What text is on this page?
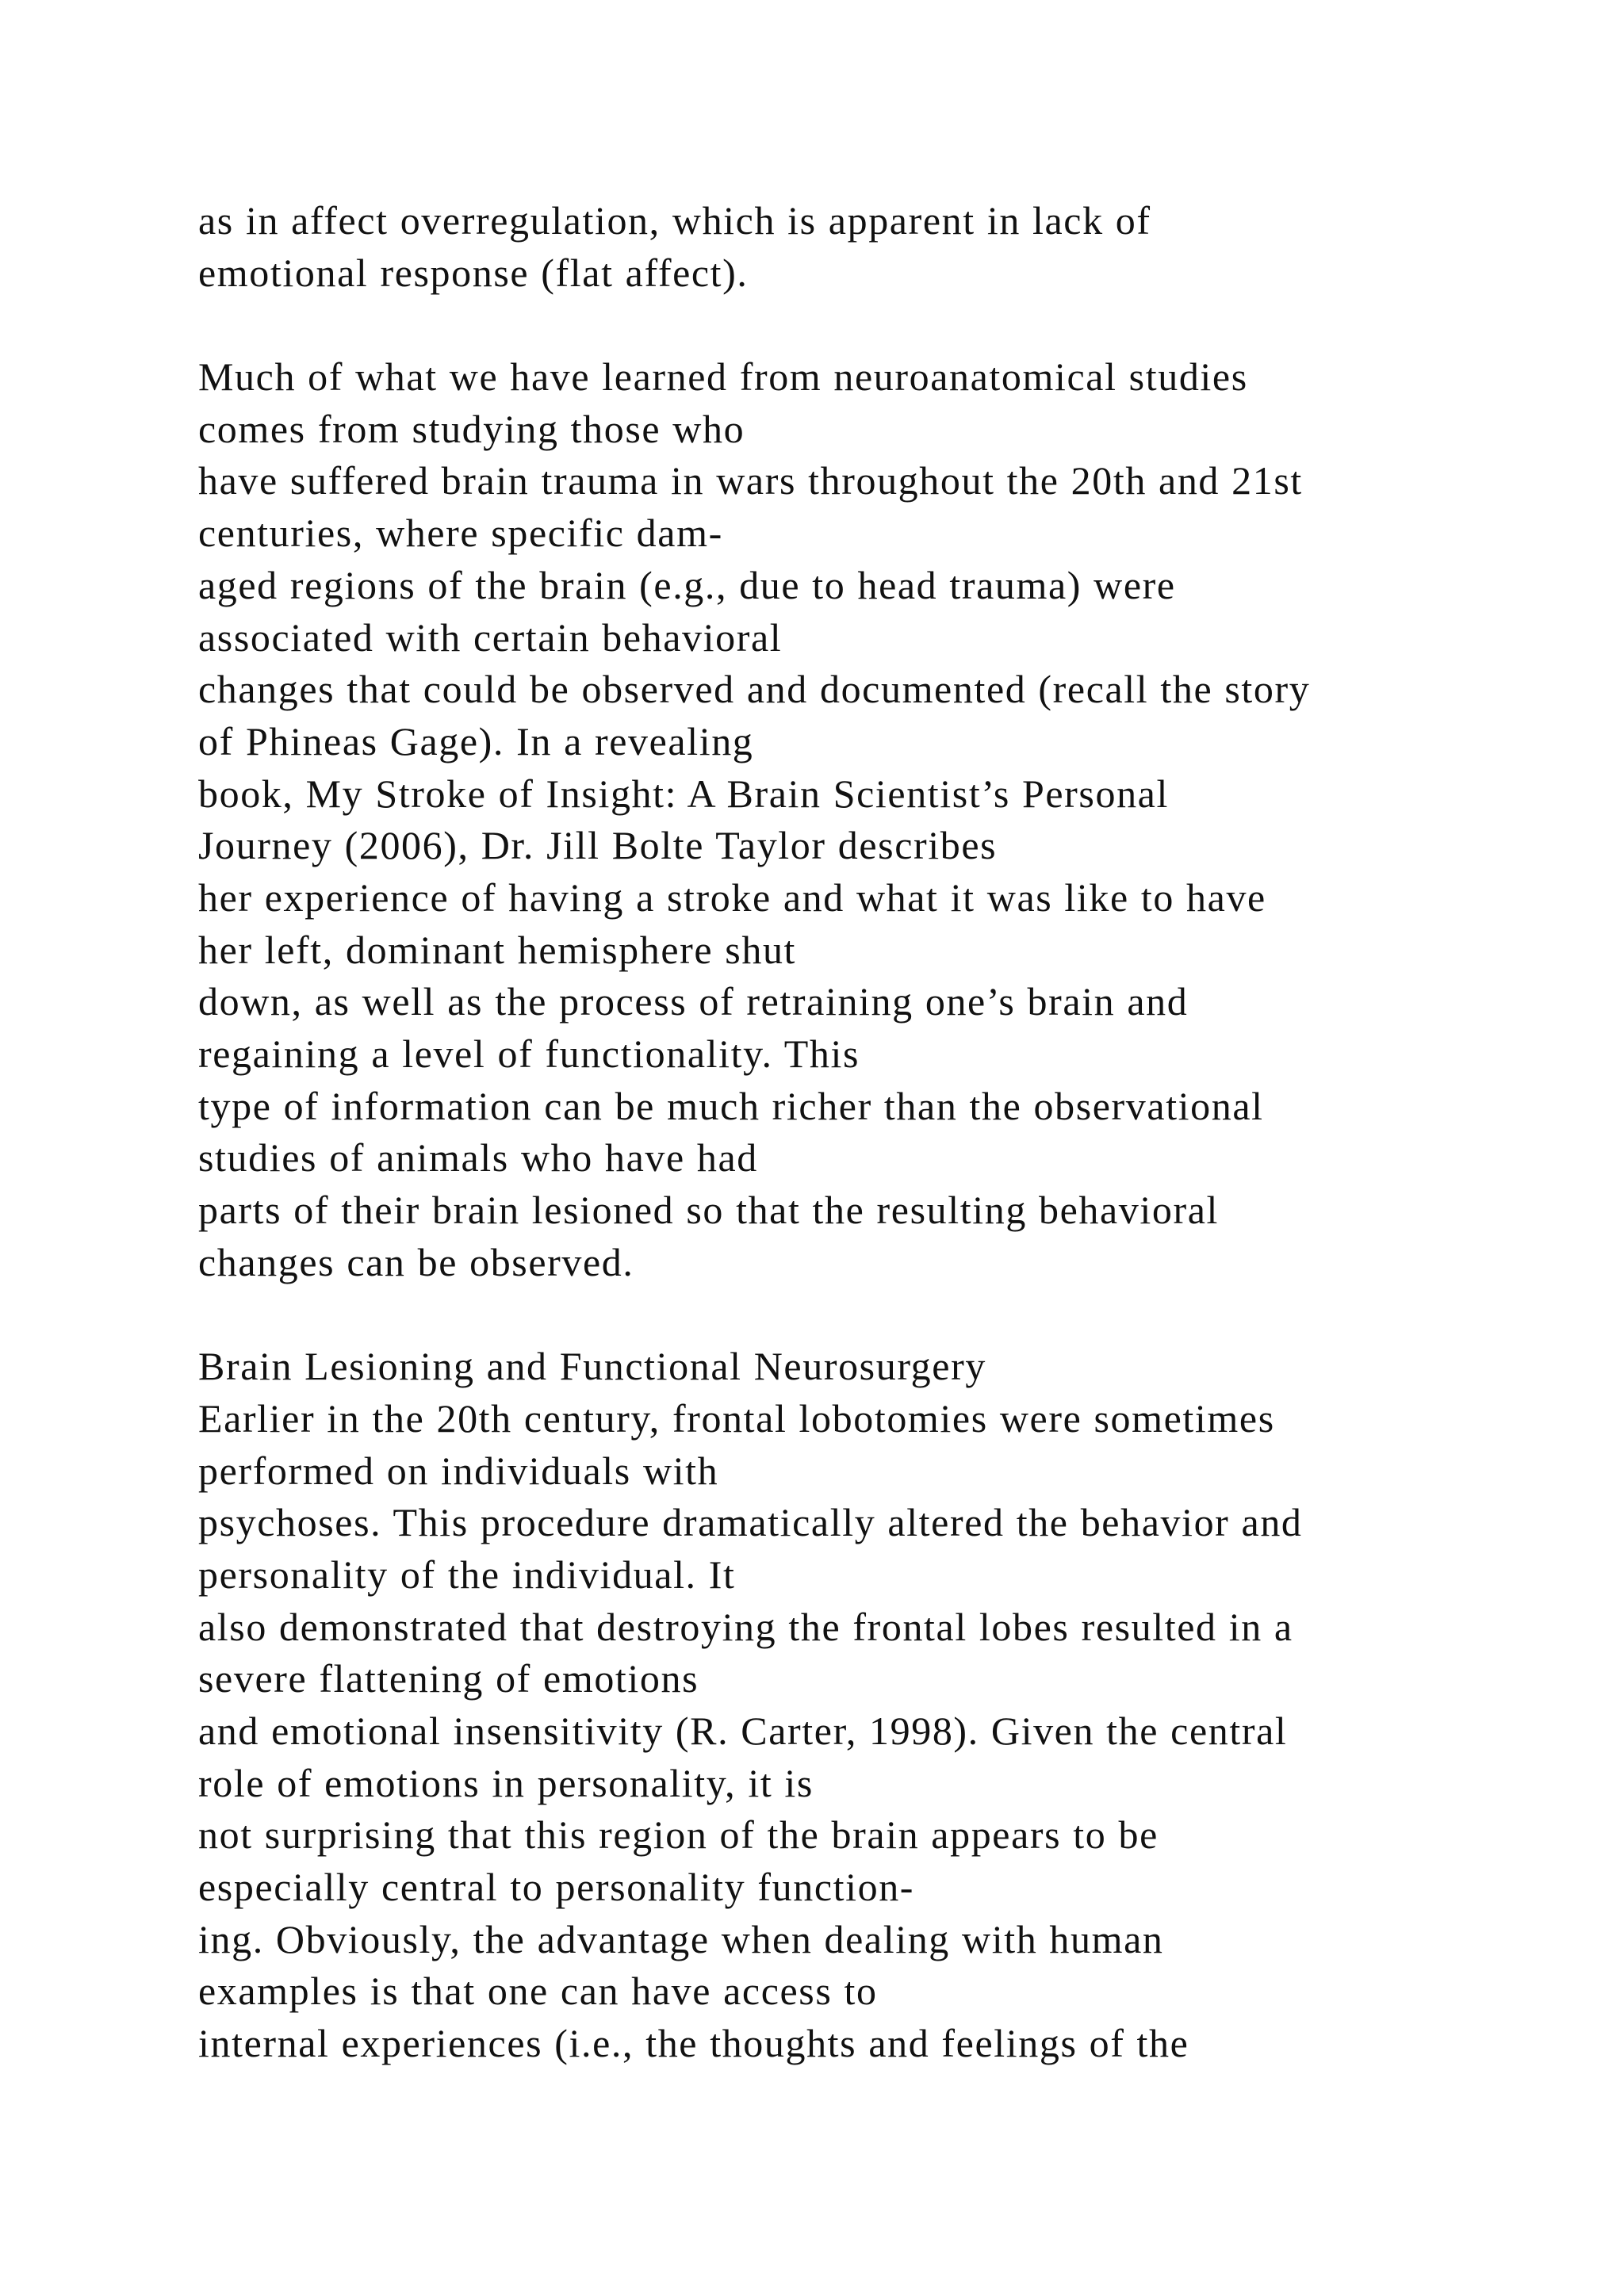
as in affect overregulation, which is apparent in lack of
emotional response (flat affect).
Much of what we have learned from neuroanatomical studies
comes from studying those who
have suffered brain trauma in wars throughout the 20th and 21st
centuries, where specific dam-
aged regions of the brain (e.g., due to head trauma) were
associated with certain behavioral
changes that could be observed and documented (recall the story
of Phineas Gage). In a revealing
book, My Stroke of Insight: A Brain Scientist’s Personal
Journey (2006), Dr. Jill Bolte Taylor describes
her experience of having a stroke and what it was like to have
her left, dominant hemisphere shut
down, as well as the process of retraining one’s brain and
regaining a level of functionality. This
type of information can be much richer than the observational
studies of animals who have had
parts of their brain lesioned so that the resulting behavioral
changes can be observed.
Brain Lesioning and Functional Neurosurgery
Earlier in the 20th century, frontal lobotomies were sometimes
performed on individuals with
psychoses. This procedure dramatically altered the behavior and
personality of the individual. It
also demonstrated that destroying the frontal lobes resulted in a
severe flattening of emotions
and emotional insensitivity (R. Carter, 1998). Given the central
role of emotions in personality, it is
not surprising that this region of the brain appears to be
especially central to personality function-
ing. Obviously, the advantage when dealing with human
examples is that one can have access to
internal experiences (i.e., the thoughts and feelings of the
